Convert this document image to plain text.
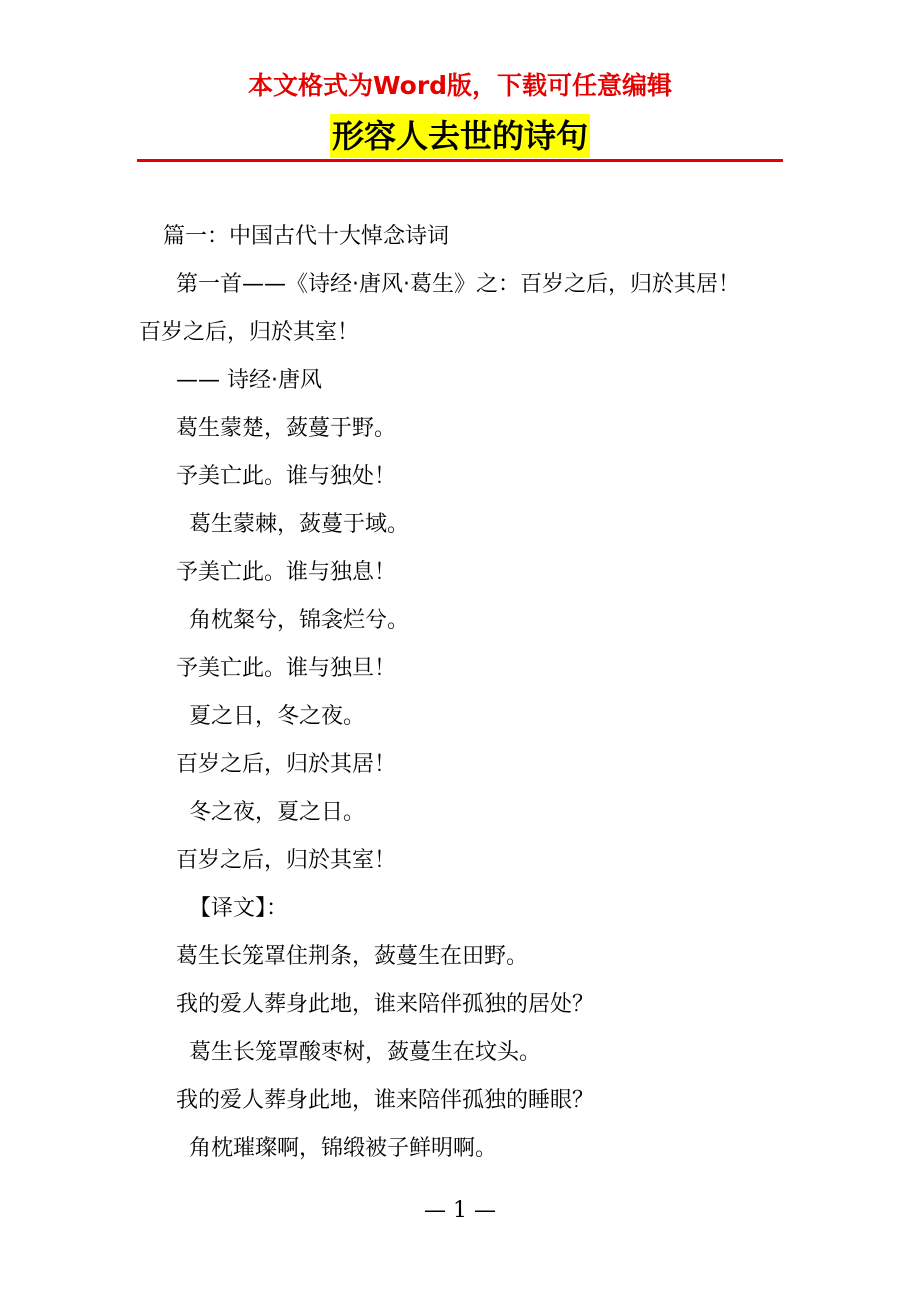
本文格式为Word版，下载可任意编辑
形容人去世的诗句
篇一：中国古代十大悼念诗词
第一首——《诗经·唐风·葛生》之：百岁之后，归於其居！
百岁之后，归於其室！
—— 诗经·唐风
葛生蒙楚，蔹蔓于野。
予美亡此。谁与独处！
葛生蒙棘，蔹蔓于域。
予美亡此。谁与独息！
角枕粲兮，锦衾烂兮。
予美亡此。谁与独旦！
夏之日，冬之夜。
百岁之后，归於其居！
冬之夜，夏之日。
百岁之后，归於其室！
【译文】：
葛生长笼罩住荆条，蔹蔓生在田野。
我的爱人葬身此地，谁来陪伴孤独的居处？
葛生长笼罩酸枣树，蔹蔓生在坟头。
我的爱人葬身此地，谁来陪伴孤独的睡眼？
角枕璀璨啊，锦缎被子鲜明啊。
— 1 —
